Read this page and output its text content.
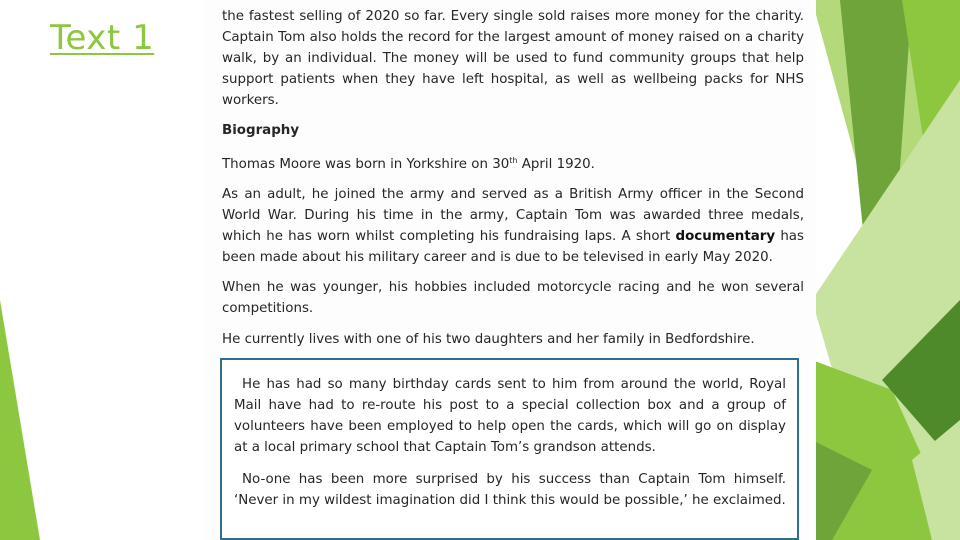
Text 1

the fastest selling of 2020 so far. Every single sold raises more money for the charity. Captain Tom also holds the record for the largest amount of money raised on a charity walk, by an individual. The money will be used to fund community groups that help support patients when they have left hospital, as well as wellbeing packs for NHS workers.

Biography

Thomas Moore was born in Yorkshire on 30th April 1920.

As an adult, he joined the army and served as a British Army officer in the Second World War. During his time in the army, Captain Tom was awarded three medals, which he has worn whilst completing his fundraising laps. A short documentary has been made about his military career and is due to be televised in early May 2020.

When he was younger, his hobbies included motorcycle racing and he won several competitions.

He currently lives with one of his two daughters and her family in Bedfordshire.

He has had so many birthday cards sent to him from around the world, Royal Mail have had to re-route his post to a special collection box and a group of volunteers have been employed to help open the cards, which will go on display at a local primary school that Captain Tom’s grandson attends.

No-one has been more surprised by his success than Captain Tom himself. ‘Never in my wildest imagination did I think this would be possible,’ he exclaimed.
